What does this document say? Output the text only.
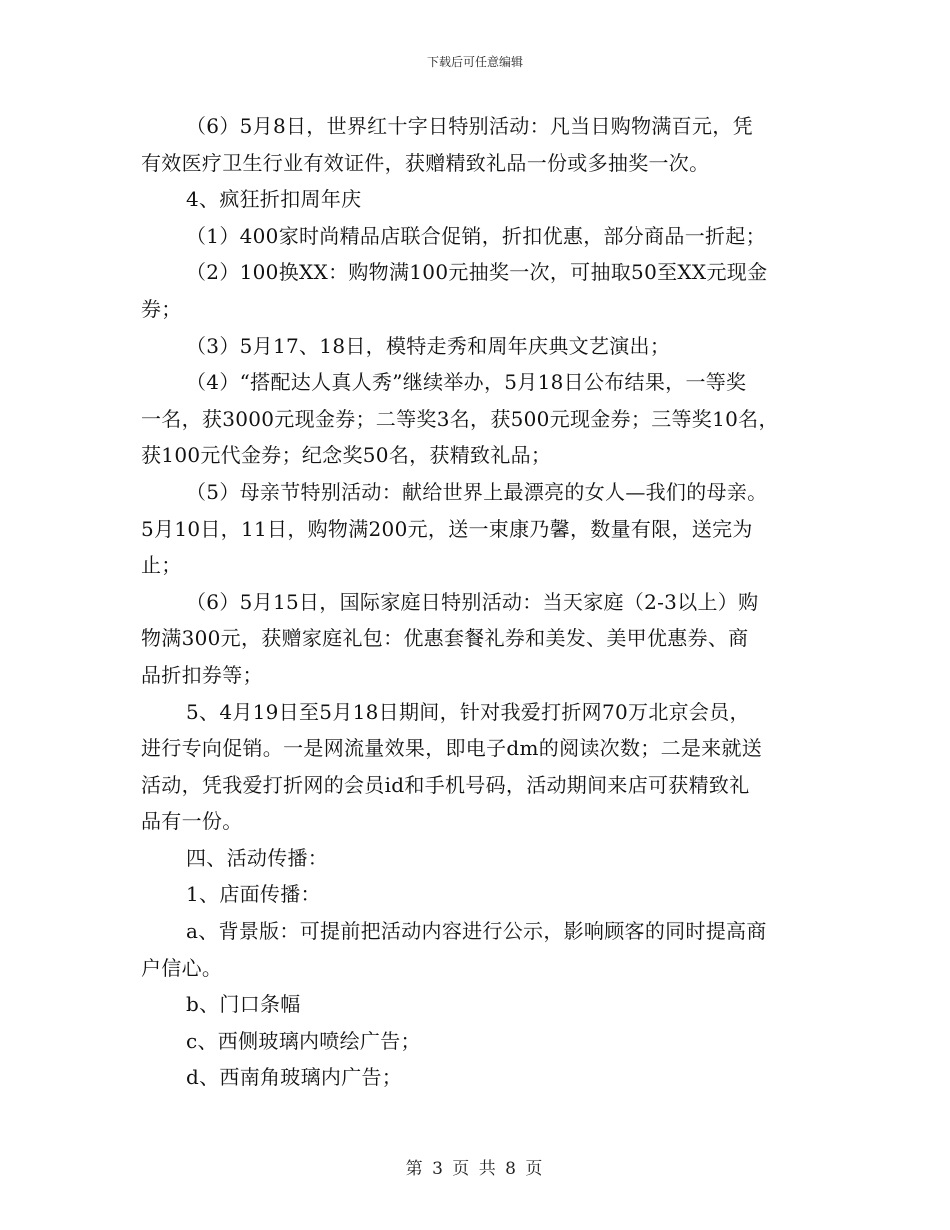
下载后可任意编辑
（6）5月8日，世界红十字日特别活动：凡当日购物满百元，凭
有效医疗卫生行业有效证件，获赠精致礼品一份或多抽奖一次。
4、疯狂折扣周年庆
（1）400家时尚精品店联合促销，折扣优惠，部分商品一折起；
（2）100换XX：购物满100元抽奖一次，可抽取50至XX元现金
券；
（3）5月17、18日，模特走秀和周年庆典文艺演出；
（4）“搭配达人真人秀”继续举办，5月18日公布结果，一等奖
一名，获3000元现金券；二等奖3名，获500元现金券；三等奖10名，
获100元代金券；纪念奖50名，获精致礼品；
（5）母亲节特别活动：献给世界上最漂亮的女人—我们的母亲。
5月10日，11日，购物满200元，送一束康乃馨，数量有限，送完为
止；
（6）5月15日，国际家庭日特别活动：当天家庭（2-3以上）购
物满300元，获赠家庭礼包：优惠套餐礼券和美发、美甲优惠券、商
品折扣券等；
5、4月19日至5月18日期间，针对我爱打折网70万北京会员，
进行专向促销。一是网流量效果，即电子dm的阅读次数；二是来就送
活动，凭我爱打折网的会员id和手机号码，活动期间来店可获精致礼
品有一份。
四、活动传播：
1、店面传播：
a、背景版：可提前把活动内容进行公示，影响顾客的同时提高商
户信心。
b、门口条幅
c、西侧玻璃内喷绘广告；
d、西南角玻璃内广告；
第 3 页 共 8 页
